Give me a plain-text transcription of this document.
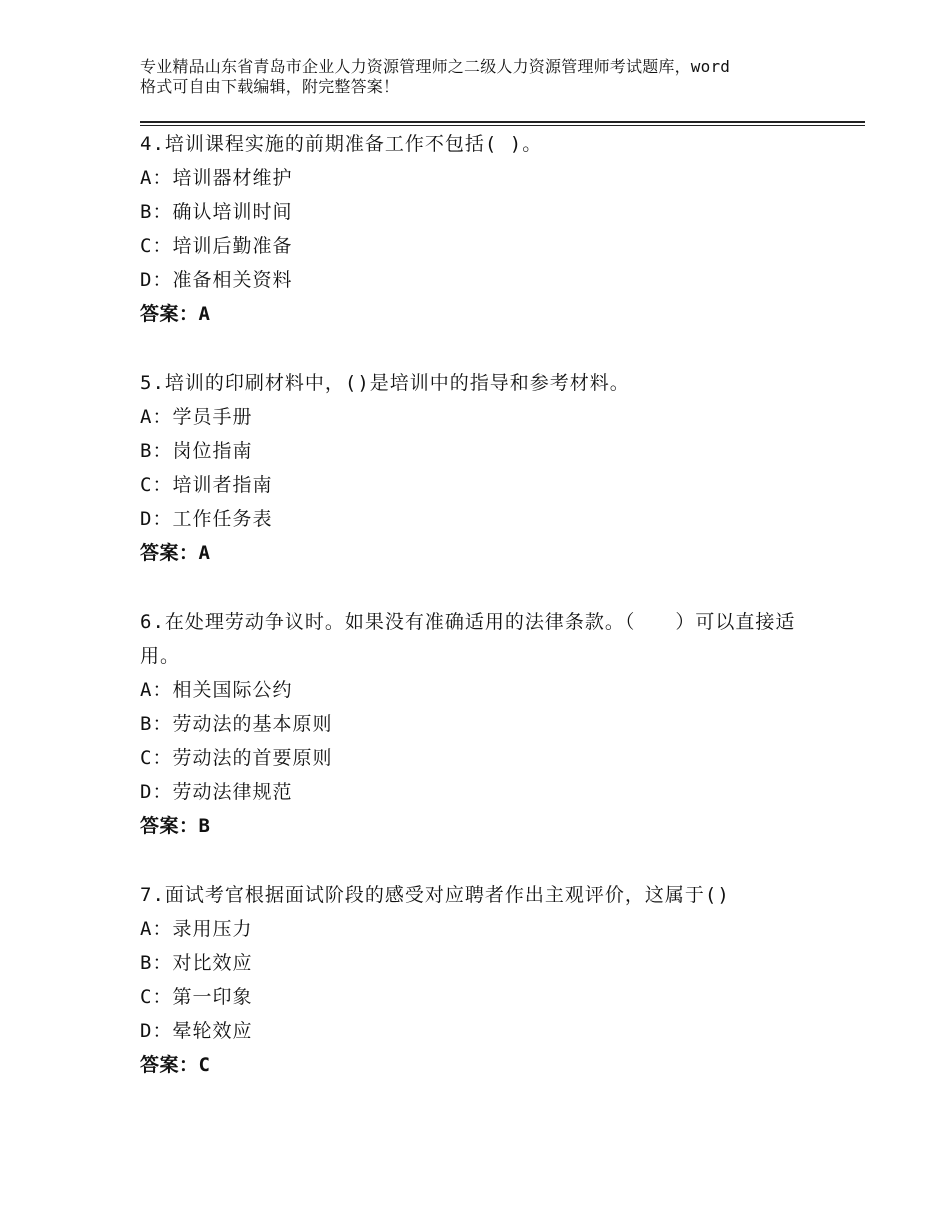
专业精品山东省青岛市企业人力资源管理师之二级人力资源管理师考试题库，word
格式可自由下载编辑，附完整答案！
4.培训课程实施的前期准备工作不包括( )。
A：培训器材维护
B：确认培训时间
C：培训后勤准备
D：准备相关资料
答案：A
5.培训的印刷材料中，()是培训中的指导和参考材料。
A：学员手册
B：岗位指南
C：培训者指南
D：工作任务表
答案：A
6.在处理劳动争议时。如果没有准确适用的法律条款。（　　）可以直接适用。
A：相关国际公约
B：劳动法的基本原则
C：劳动法的首要原则
D：劳动法律规范
答案：B
7.面试考官根据面试阶段的感受对应聘者作出主观评价，这属于()
A：录用压力
B：对比效应
C：第一印象
D：晕轮效应
答案：C
